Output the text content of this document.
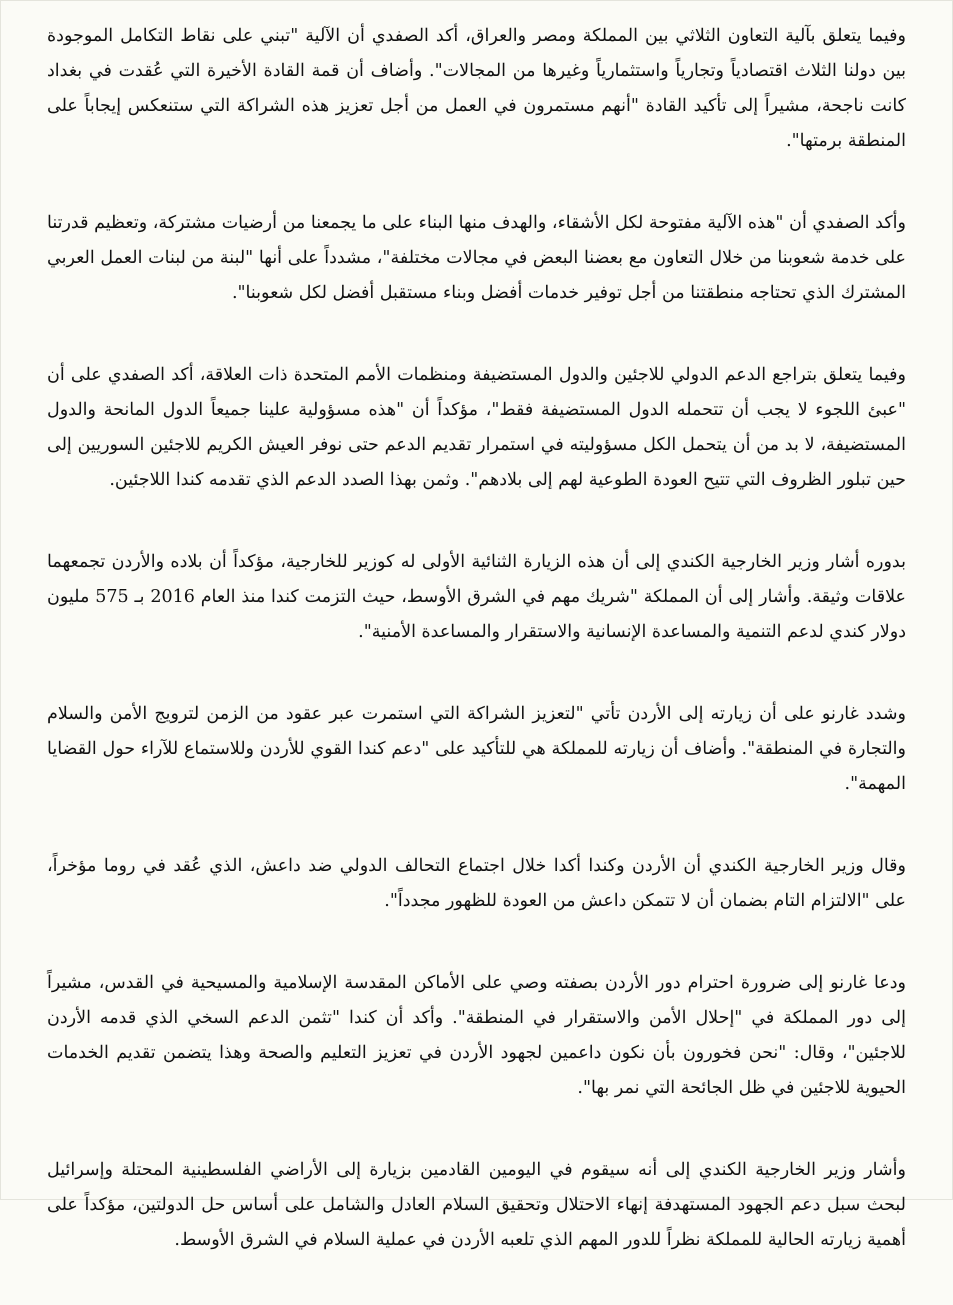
وفيما يتعلق بآلية التعاون الثلاثي بين المملكة ومصر والعراق، أكد الصفدي أن الآلية "تبني على نقاط التكامل الموجودة بين دولنا الثلاث اقتصادياً وتجارياً واستثمارياً وغيرها من المجالات". وأضاف أن قمة القادة الأخيرة التي عُقدت في بغداد كانت ناجحة، مشيراً إلى تأكيد القادة "أنهم مستمرون في العمل من أجل تعزيز هذه الشراكة التي ستنعكس إيجاباً على المنطقة برمتها".

وأكد الصفدي أن "هذه الآلية مفتوحة لكل الأشقاء، والهدف منها البناء على ما يجمعنا من أرضيات مشتركة، وتعظيم قدرتنا على خدمة شعوبنا من خلال التعاون مع بعضنا البعض في مجالات مختلفة"، مشدداً على أنها "لبنة من لبنات العمل العربي المشترك الذي تحتاجه منطقتنا من أجل توفير خدمات أفضل وبناء مستقبل أفضل لكل شعوبنا".

وفيما يتعلق بتراجع الدعم الدولي للاجئين والدول المستضيفة ومنظمات الأمم المتحدة ذات العلاقة، أكد الصفدي على أن "عبئ اللجوء لا يجب أن تتحمله الدول المستضيفة فقط"، مؤكداً أن "هذه مسؤولية علينا جميعاً الدول المانحة والدول المستضيفة، لا بد من أن يتحمل الكل مسؤوليته في استمرار تقديم الدعم حتى نوفر العيش الكريم للاجئين السوريين إلى حين تبلور الظروف التي تتيح العودة الطوعية لهم إلى بلادهم". وثمن بهذا الصدد الدعم الذي تقدمه كندا اللاجئين.

بدوره أشار وزير الخارجية الكندي إلى أن هذه الزيارة الثنائية الأولى له كوزير للخارجية، مؤكداً أن بلاده والأردن تجمعهما علاقات وثيقة. وأشار إلى أن المملكة "شريك مهم في الشرق الأوسط، حيث التزمت كندا منذ العام 2016 بـ 575 مليون دولار كندي لدعم التنمية والمساعدة الإنسانية والاستقرار والمساعدة الأمنية".

وشدد غارنو على أن زيارته إلى الأردن تأتي "لتعزيز الشراكة التي استمرت عبر عقود من الزمن لترويج الأمن والسلام والتجارة في المنطقة". وأضاف أن زيارته للمملكة هي للتأكيد على "دعم كندا القوي للأردن وللاستماع للآراء حول القضايا المهمة".

وقال وزير الخارجية الكندي أن الأردن وكندا أكدا خلال اجتماع التحالف الدولي ضد داعش، الذي عُقد في روما مؤخراً، على "الالتزام التام بضمان أن لا تتمكن داعش من العودة للظهور مجدداً".

ودعا غارنو إلى ضرورة احترام دور الأردن بصفته وصي على الأماكن المقدسة الإسلامية والمسيحية في القدس، مشيراً إلى دور المملكة في "إحلال الأمن والاستقرار في المنطقة". وأكد أن كندا "تثمن الدعم السخي الذي قدمه الأردن للاجئين"، وقال: "نحن فخورون بأن نكون داعمين لجهود الأردن في تعزيز التعليم والصحة وهذا يتضمن تقديم الخدمات الحيوية للاجئين في ظل الجائحة التي نمر بها".

وأشار وزير الخارجية الكندي إلى أنه سيقوم في اليومين القادمين بزيارة إلى الأراضي الفلسطينية المحتلة وإسرائيل لبحث سبل دعم الجهود المستهدفة إنهاء الاحتلال وتحقيق السلام العادل والشامل على أساس حل الدولتين، مؤكداً على أهمية زيارته الحالية للمملكة نظراً للدور المهم الذي تلعبه الأردن في عملية السلام في الشرق الأوسط.
